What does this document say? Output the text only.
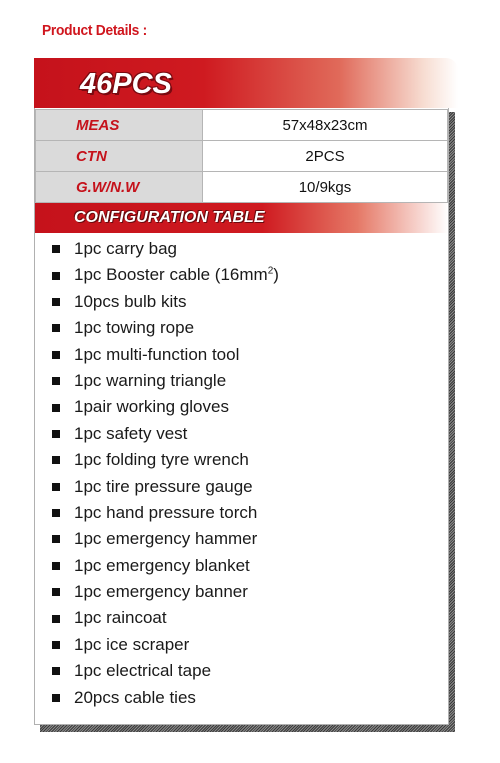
Product Details :
46PCS
MEAS	57x48x23cm
CTN	2PCS
G.W/N.W	10/9kgs
CONFIGURATION TABLE
1pc carry bag
1pc Booster cable $(16mm^2)$
10pcs bulb kits
1pc towing rope
1pc multi-function tool
1pc warning triangle
1pair working gloves
1pc safety vest
1pc folding tyre wrench
1pc tire pressure gauge
1pc hand pressure torch
1pc emergency hammer
1pc emergency blanket
1pc emergency banner
1pc raincoat
1pc ice scraper
1pc electrical tape
20pcs cable ties
